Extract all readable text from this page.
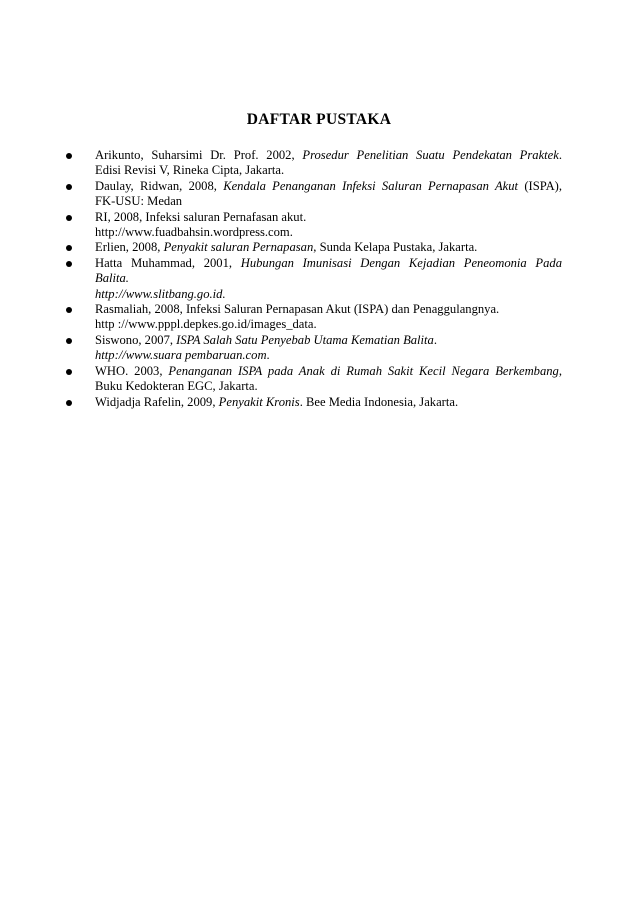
DAFTAR PUSTAKA
Arikunto, Suharsimi Dr. Prof. 2002, Prosedur Penelitian Suatu Pendekatan Praktek.
Edisi Revisi V, Rineka Cipta, Jakarta.
Daulay, Ridwan, 2008, Kendala Penanganan Infeksi Saluran Pernapasan Akut (ISPA),
FK-USU: Medan
RI, 2008, Infeksi saluran Pernafasan akut.
http://www.fuadbahsin.wordpress.com.
Erlien, 2008, Penyakit saluran Pernapasan, Sunda Kelapa Pustaka, Jakarta.
Hatta Muhammad, 2001, Hubungan Imunisasi Dengan Kejadian Peneomonia Pada
Balita.
http://www.slitbang.go.id.
Rasmaliah, 2008, Infeksi Saluran Pernapasan Akut (ISPA) dan Penaggulangnya.
http ://www.pppl.depkes.go.id/images_data.
Siswono, 2007, ISPA Salah Satu Penyebab Utama Kematian Balita.
http://www.suara pembaruan.com.
WHO. 2003, Penanganan ISPA pada Anak di Rumah Sakit Kecil Negara Berkembang,
Buku Kedokteran EGC, Jakarta.
Widjadja Rafelin, 2009, Penyakit Kronis. Bee Media Indonesia, Jakarta.
